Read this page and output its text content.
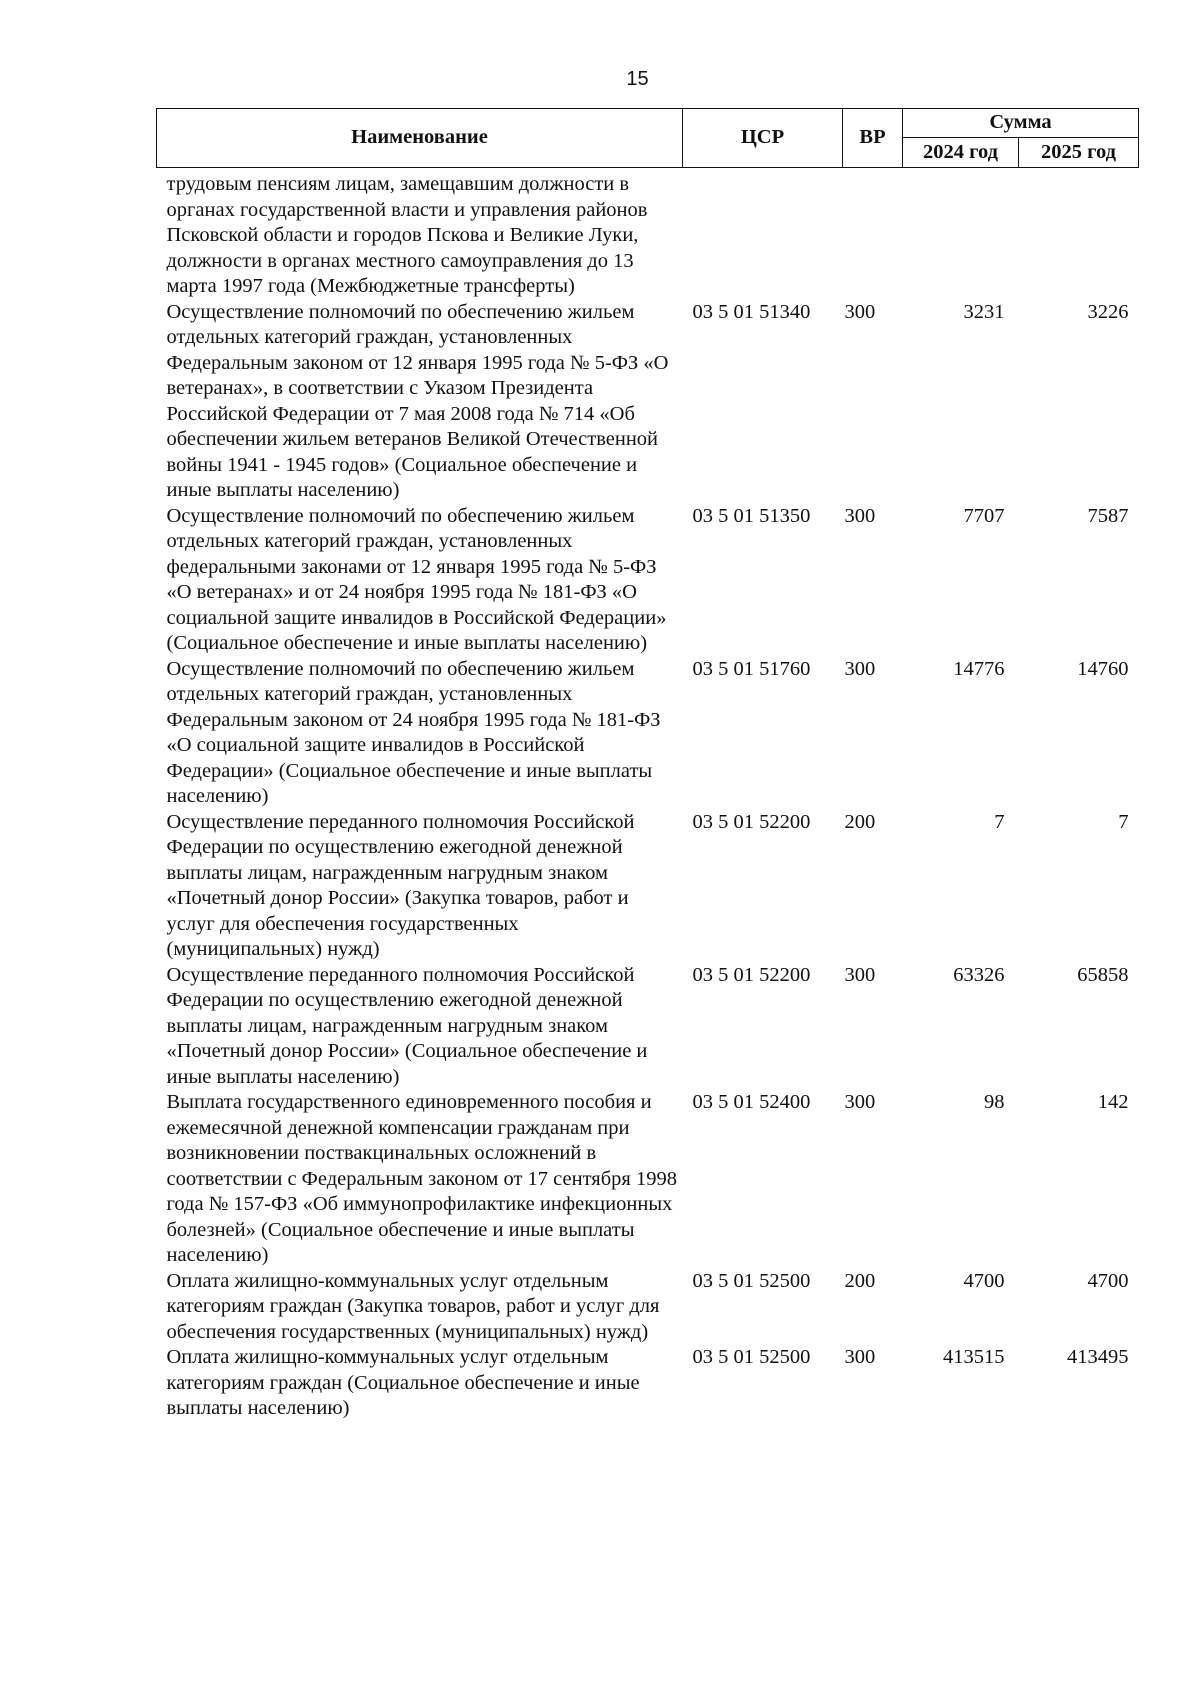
15
Наименование	ЦСР	ВР	Сумма	
			2024 год	2025 год
трудовым пенсиям лицам, замещавшим должности в органах государственной власти и управления районов Псковской области и городов Пскова и Великие Луки, должности в органах местного самоуправления до 13 марта 1997 года (Межбюджетные трансферты)				
Осуществление полномочий по обеспечению жильем отдельных категорий граждан, установленных Федеральным законом от 12 января 1995 года № 5-ФЗ «О ветеранах», в соответствии с Указом Президента Российской Федерации от 7 мая 2008 года № 714 «Об обеспечении жильем ветеранов Великой Отечественной войны 1941 - 1945 годов» (Социальное обеспечение и иные выплаты населению)	03 5 01 51340	300	3231	3226
Осуществление полномочий по обеспечению жильем отдельных категорий граждан, установленных федеральными законами от 12 января 1995 года № 5-ФЗ «О ветеранах» и от 24 ноября 1995 года № 181-ФЗ «О социальной защите инвалидов в Российской Федерации» (Социальное обеспечение и иные выплаты населению)	03 5 01 51350	300	7707	7587
Осуществление полномочий по обеспечению жильем отдельных категорий граждан, установленных Федеральным законом от 24 ноября 1995 года № 181-ФЗ «О социальной защите инвалидов в Российской Федерации» (Социальное обеспечение и иные выплаты населению)	03 5 01 51760	300	14776	14760
Осуществление переданного полномочия Российской Федерации по осуществлению ежегодной денежной выплаты лицам, награжденным нагрудным знаком «Почетный донор России» (Закупка товаров, работ и услуг для обеспечения государственных (муниципальных) нужд)	03 5 01 52200	200	7	7
Осуществление переданного полномочия Российской Федерации по осуществлению ежегодной денежной выплаты лицам, награжденным нагрудным знаком «Почетный донор России» (Социальное обеспечение и иные выплаты населению)	03 5 01 52200	300	63326	65858
Выплата государственного единовременного пособия и ежемесячной денежной компенсации гражданам при возникновении поствакцинальных осложнений в соответствии с Федеральным законом от 17 сентября 1998 года № 157-ФЗ «Об иммунопрофилактике инфекционных болезней» (Социальное обеспечение и иные выплаты населению)	03 5 01 52400	300	98	142
Оплата жилищно-коммунальных услуг отдельным категориям граждан (Закупка товаров, работ и услуг для обеспечения государственных (муниципальных) нужд)	03 5 01 52500	200	4700	4700
Оплата жилищно-коммунальных услуг отдельным категориям граждан (Социальное обеспечение и иные выплаты населению)	03 5 01 52500	300	413515	413495
